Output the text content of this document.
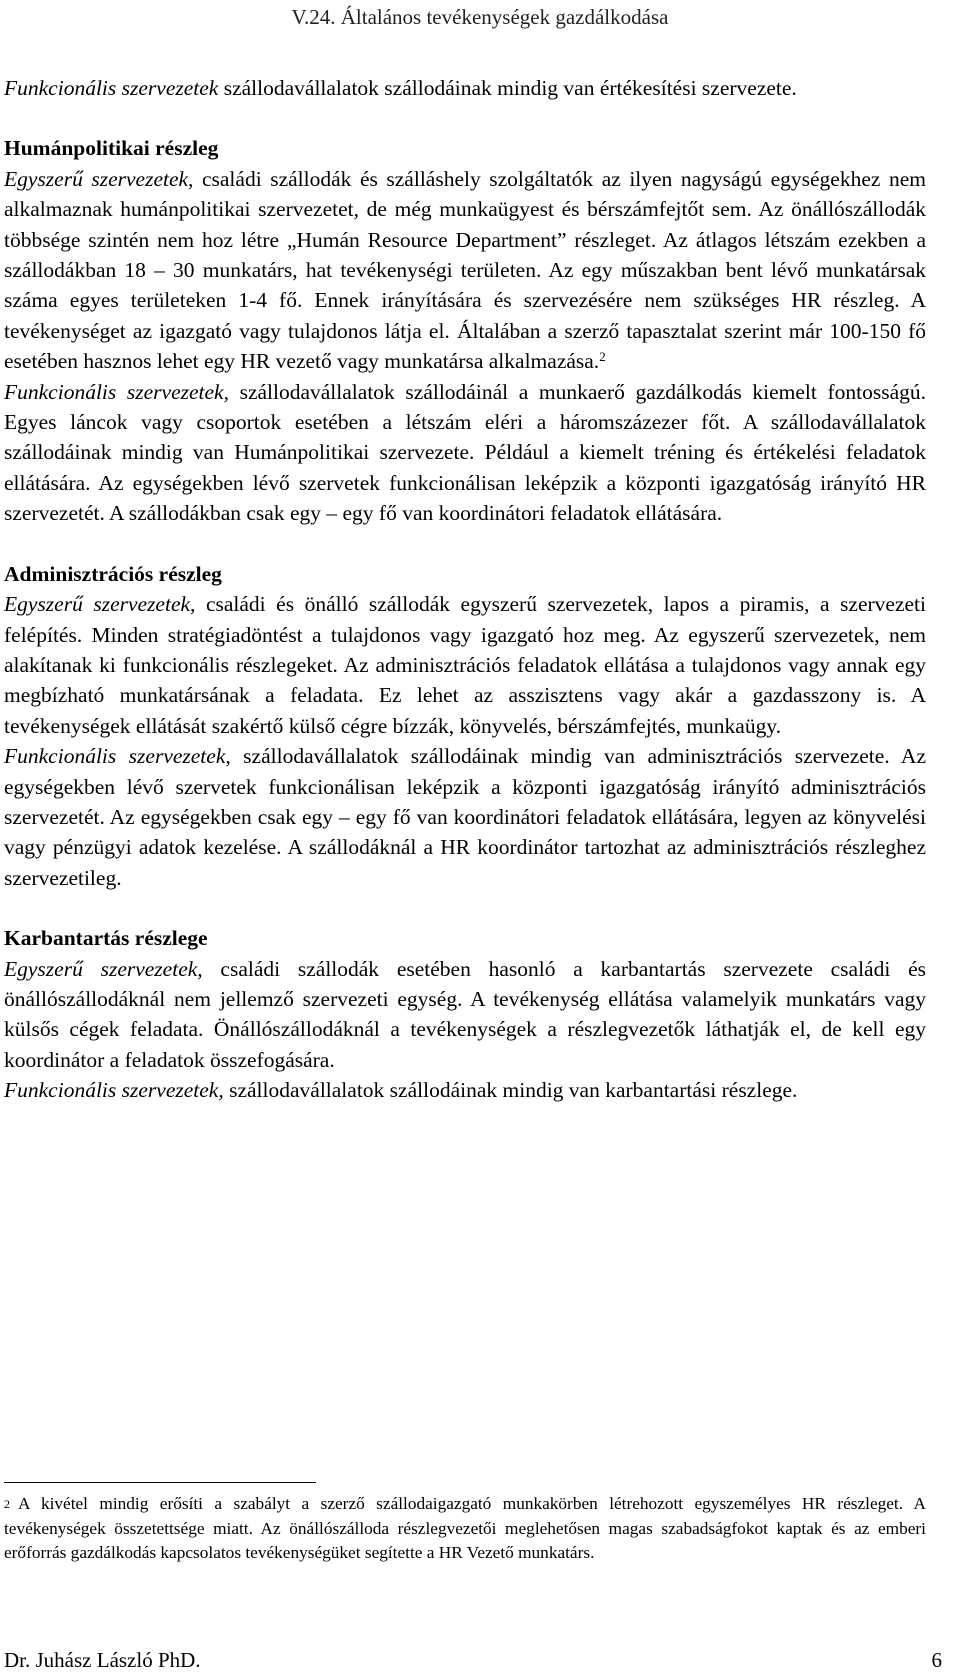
V.24. Általános tevékenységek gazdálkodása

Funkcionális szervezetek szállodavállalatok szállodáinak mindig van értékesítési szervezete.

Humánpolitikai részleg

Egyszerű szervezetek, családi szállodák és szálláshely szolgáltatók az ilyen nagyságú egységekhez nem alkalmaznak humánpolitikai szervezetet, de még munkaügyest és bérszámfejtőt sem. Az önállószállodák többsége szintén nem hoz létre „Humán Resource Department” részleget. Az átlagos létszám ezekben a szállodákban 18 – 30 munkatárs, hat tevékenységi területen. Az egy műszakban bent lévő munkatársak száma egyes területeken 1-4 fő. Ennek irányítására és szervezésére nem szükséges HR részleg. A tevékenységet az igazgató vagy tulajdonos látja el. Általában a szerző tapasztalat szerint már 100-150 fő esetében hasznos lehet egy HR vezető vagy munkatársa alkalmazása.$^2$

Funkcionális szervezetek, szállodavállalatok szállodáinál a munkaerő gazdálkodás kiemelt fontosságú. Egyes láncok vagy csoportok esetében a létszám eléri a háromszázezer főt. A szállodavállalatok szállodáinak mindig van Humánpolitikai szervezete. Például a kiemelt tréning és értékelési feladatok ellátására. Az egységekben lévő szervetek funkcionálisan leképzik a központi igazgatóság irányító HR szervezetét. A szállodákban csak egy – egy fő van koordinátori feladatok ellátására.

Adminisztrációs részleg

Egyszerű szervezetek, családi és önálló szállodák egyszerű szervezetek, lapos a piramis, a szervezeti felépítés. Minden stratégiadöntést a tulajdonos vagy igazgató hoz meg. Az egyszerű szervezetek, nem alakítanak ki funkcionális részlegeket. Az adminisztrációs feladatok ellátása a tulajdonos vagy annak egy megbízható munkatársának a feladata. Ez lehet az asszisztens vagy akár a gazdasszony is. A tevékenységek ellátását szakértő külső cégre bízzák, könyvelés, bérszámfejtés, munkaügy.

Funkcionális szervezetek, szállodavállalatok szállodáinak mindig van adminisztrációs szervezete. Az egységekben lévő szervetek funkcionálisan leképzik a központi igazgatóság irányító adminisztrációs szervezetét. Az egységekben csak egy – egy fő van koordinátori feladatok ellátására, legyen az könyvelési vagy pénzügyi adatok kezelése. A szállodáknál a HR koordinátor tartozhat az adminisztrációs részleghez szervezetileg.

Karbantartás részlege

Egyszerű szervezetek, családi szállodák esetében hasonló a karbantartás szervezete családi és önállószállodáknál nem jellemző szervezeti egység. A tevékenység ellátása valamelyik munkatárs vagy külsős cégek feladata. Önállószállodáknál a tevékenységek a részlegvezetők láthatják el, de kell egy koordinátor a feladatok összefogására.

Funkcionális szervezetek, szállodavállalatok szállodáinak mindig van karbantartási részlege.

$^2$ A kivétel mindig erősíti a szabályt a szerző szállodaigazgató munkakörben létrehozott egyszemélyes HR részleget. A tevékenységek összetettsége miatt. Az önállószálloda részlegvezetői meglehetősen magas szabadságfokot kaptak és az emberi erőforrás gazdálkodás kapcsolatos tevékenységüket segítette a HR Vezető munkatárs.
Dr. Juhász László PhD.	6
